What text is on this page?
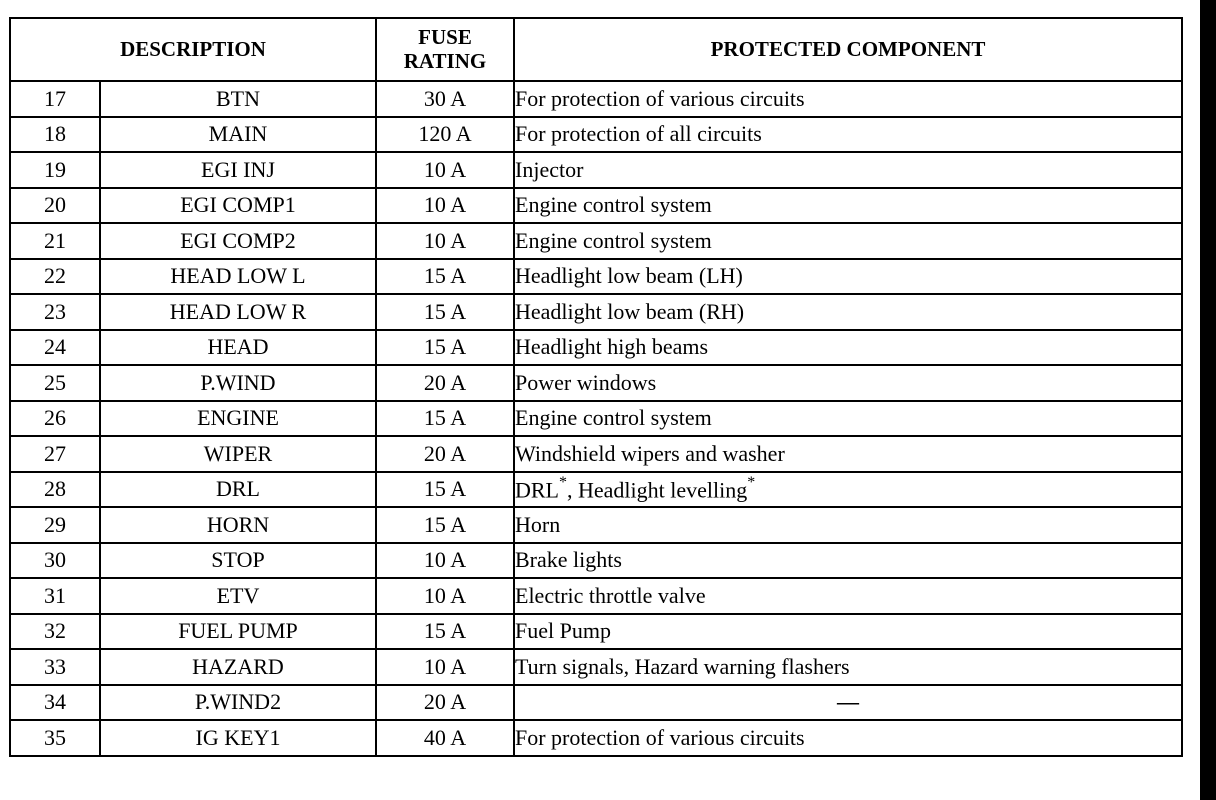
DESCRIPTION		FUSE RATING	PROTECTED COMPONENT
17	BTN	30 A	For protection of various circuits
18	MAIN	120 A	For protection of all circuits
19	EGI INJ	10 A	Injector
20	EGI COMP1	10 A	Engine control system
21	EGI COMP2	10 A	Engine control system
22	HEAD LOW L	15 A	Headlight low beam (LH)
23	HEAD LOW R	15 A	Headlight low beam (RH)
24	HEAD	15 A	Headlight high beams
25	P.WIND	20 A	Power windows
26	ENGINE	15 A	Engine control system
27	WIPER	20 A	Windshield wipers and washer
28	DRL	15 A	DRL*, Headlight levelling*
29	HORN	15 A	Horn
30	STOP	10 A	Brake lights
31	ETV	10 A	Electric throttle valve
32	FUEL PUMP	15 A	Fuel Pump
33	HAZARD	10 A	Turn signals, Hazard warning flashers
34	P.WIND2	20 A	—
35	IG KEY1	40 A	For protection of various circuits
